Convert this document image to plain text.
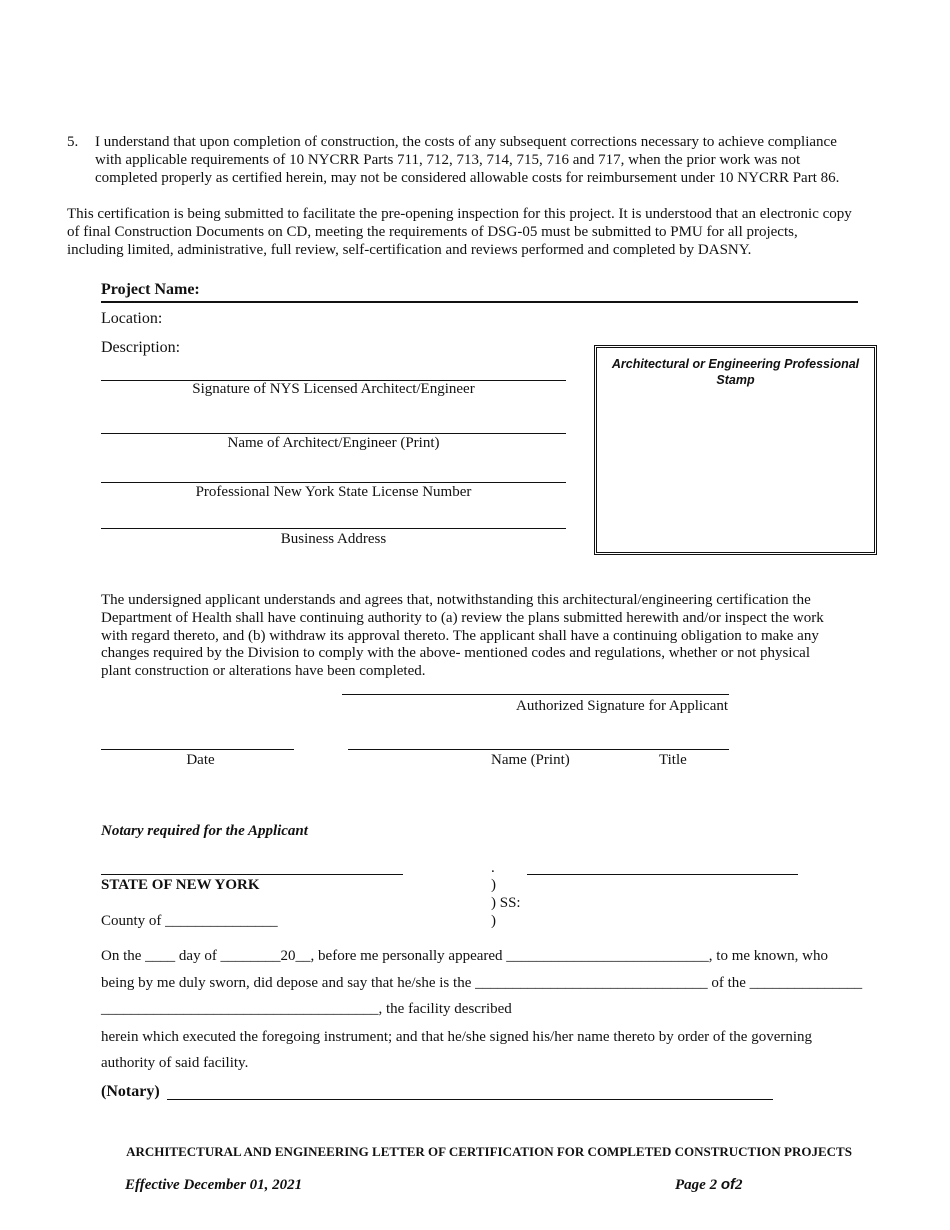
5. I understand that upon completion of construction, the costs of any subsequent corrections necessary to achieve compliance
with applicable requirements of 10 NYCRR Parts 711, 712, 713, 714, 715, 716 and 717, when the prior work was not
completed properly as certified herein, may not be considered allowable costs for reimbursement under 10 NYCRR Part 86.
This certification is being submitted to facilitate the pre-opening inspection for this project. It is understood that an electronic copy
of final Construction Documents on CD, meeting the requirements of DSG-05 must be submitted to PMU for all projects,
including limited, administrative, full review, self-certification and reviews performed and completed by DASNY.
Project Name:
Location:
Description:
Signature of NYS Licensed Architect/Engineer
Name of Architect/Engineer (Print)
Professional New York State License Number
Business Address
Architectural or Engineering Professional Stamp
The undersigned applicant understands and agrees that, notwithstanding this architectural/engineering certification the
Department of Health shall have continuing authority to (a) review the plans submitted herewith and/or inspect the work
with regard thereto, and (b) withdraw its approval thereto. The applicant shall have a continuing obligation to make any
changes required by the Division to comply with the above- mentioned codes and regulations, whether or not physical
plant construction or alterations have been completed.
Authorized Signature for Applicant
Date	Name (Print)	Title
Notary required for the Applicant
.
STATE OF NEW YORK	)
) SS:
)
County of _______________
On the ____ day of ________20__, before me personally appeared ___________________________, to me known, who
being by me duly sworn, did depose and say that he/she is the _______________________________ of the _______________
_____________________________________, the facility described
herein which executed the foregoing instrument; and that he/she signed his/her name thereto by order of the governing
authority of said facility.
(Notary)
ARCHITECTURAL AND ENGINEERING LETTER OF CERTIFICATION FOR COMPLETED CONSTRUCTION PROJECTS
Effective December 01, 2021	Page 2 of2
